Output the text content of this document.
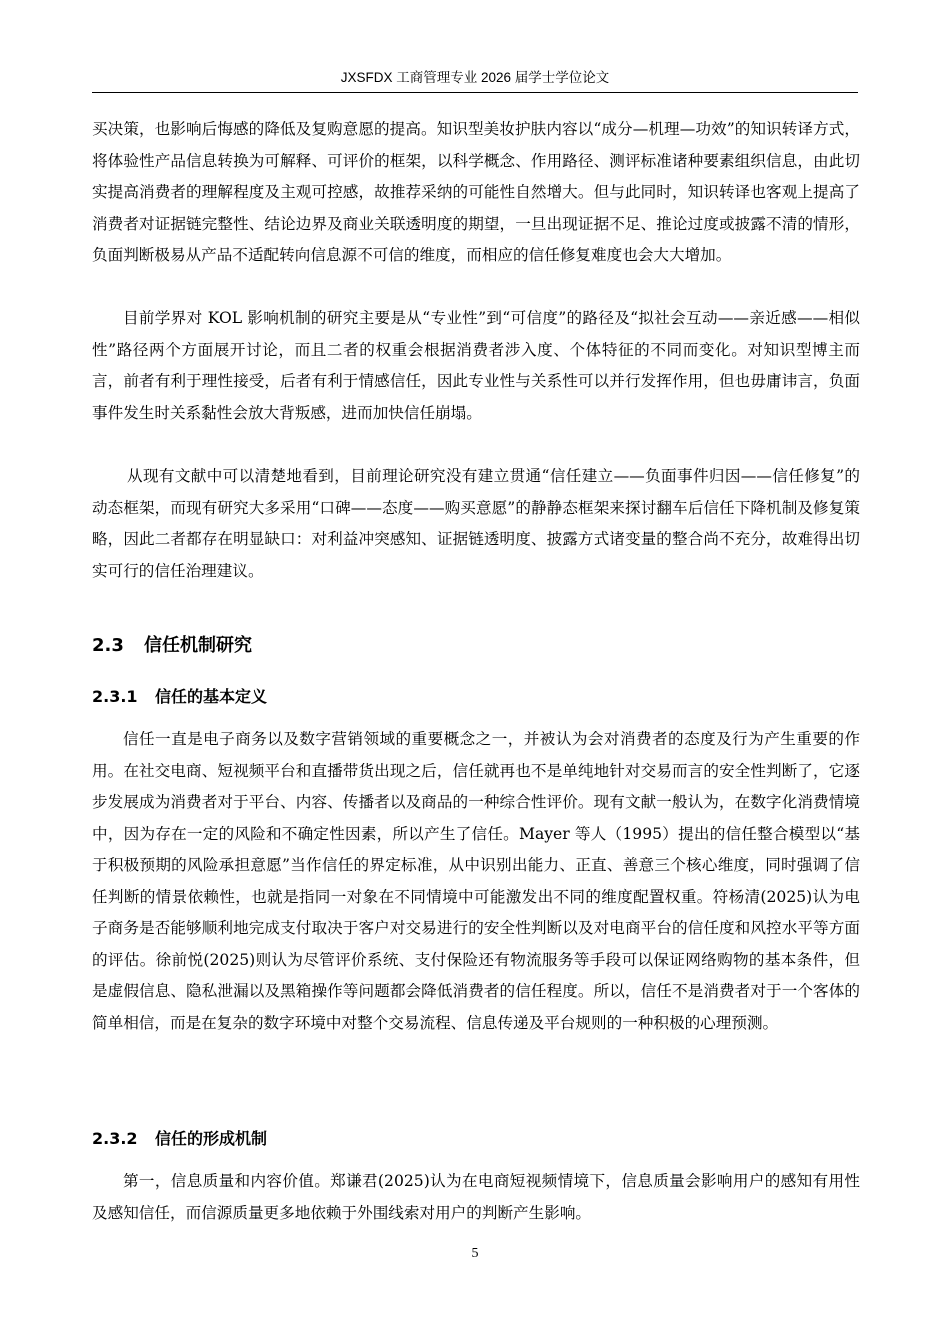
JXSFDX 工商管理专业 2026 届学士学位论文

买决策，也影响后悔感的降低及复购意愿的提高。知识型美妆护肤内容以“成分—机理—功效”的知识转译方式，将体验性产品信息转换为可解释、可评价的框架，以科学概念、作用路径、测评标准诸种要素组织信息，由此切实提高消费者的理解程度及主观可控感，故推荐采纳的可能性自然增大。但与此同时，知识转译也客观上提高了消费者对证据链完整性、结论边界及商业关联透明度的期望，一旦出现证据不足、推论过度或披露不清的情形，负面判断极易从产品不适配转向信息源不可信的维度，而相应的信任修复难度也会大大增加。

目前学界对 KOL 影响机制的研究主要是从“专业性”到“可信度”的路径及“拟社会互动——亲近感——相似性”路径两个方面展开讨论，而且二者的权重会根据消费者涉入度、个体特征的不同而变化。对知识型博主而言，前者有利于理性接受，后者有利于情感信任，因此专业性与关系性可以并行发挥作用，但也毋庸讳言，负面事件发生时关系黏性会放大背叛感，进而加快信任崩塌。

从现有文献中可以清楚地看到，目前理论研究没有建立贯通“信任建立——负面事件归因——信任修复”的动态框架，而现有研究大多采用“口碑——态度——购买意愿”的静静态框架来探讨翻车后信任下降机制及修复策略，因此二者都存在明显缺口：对利益冲突感知、证据链透明度、披露方式诸变量的整合尚不充分，故难得出切实可行的信任治理建议。

2.3 信任机制研究
2.3.1 信任的基本定义

信任一直是电子商务以及数字营销领域的重要概念之一，并被认为会对消费者的态度及行为产生重要的作用。在社交电商、短视频平台和直播带货出现之后，信任就再也不是单纯地针对交易而言的安全性判断了，它逐步发展成为消费者对于平台、内容、传播者以及商品的一种综合性评价。现有文献一般认为，在数字化消费情境中，因为存在一定的风险和不确定性因素，所以产生了信任。Mayer 等人（1995）提出的信任整合模型以“基于积极预期的风险承担意愿”当作信任的界定标准，从中识别出能力、正直、善意三个核心维度，同时强调了信任判断的情景依赖性，也就是指同一对象在不同情境中可能激发出不同的维度配置权重。符杨清(2025)认为电子商务是否能够顺利地完成支付取决于客户对交易进行的安全性判断以及对电商平台的信任度和风控水平等方面的评估。徐前悦(2025)则认为尽管评价系统、支付保险还有物流服务等手段可以保证网络购物的基本条件，但是虚假信息、隐私泄漏以及黑箱操作等问题都会降低消费者的信任程度。所以，信任不是消费者对于一个客体的简单相信，而是在复杂的数字环境中对整个交易流程、信息传递及平台规则的一种积极的心理预测。

2.3.2 信任的形成机制

第一，信息质量和内容价值。郑谦君(2025)认为在电商短视频情境下，信息质量会影响用户的感知有用性及感知信任，而信源质量更多地依赖于外围线索对用户的判断产生影响。

5
